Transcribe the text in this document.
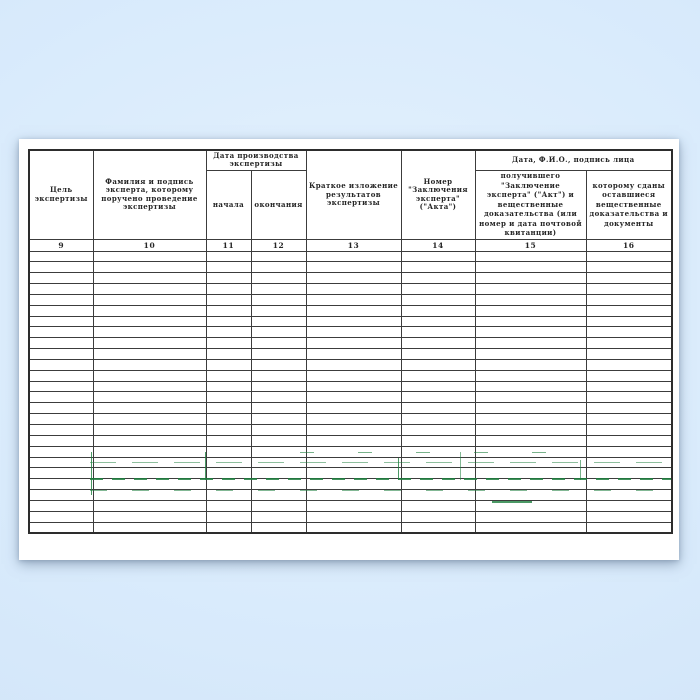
Цель экспертизы	Фамилия и подпись эксперта, которому поручено проведение экспертизы	Дата производства экспертизы		Краткое изложение результатов экспертизы	Номер "Заключения эксперта" ("Акта")	Дата, Ф.И.О., подпись лица	
		начала	окончания			получившего "Заключение эксперта" ("Акт") и вещественные доказательства (или номер и дата почтовой квитанции)	которому сданы оставшиеся вещественные доказательства и документы
9	10	11	12	13	14	15	16
